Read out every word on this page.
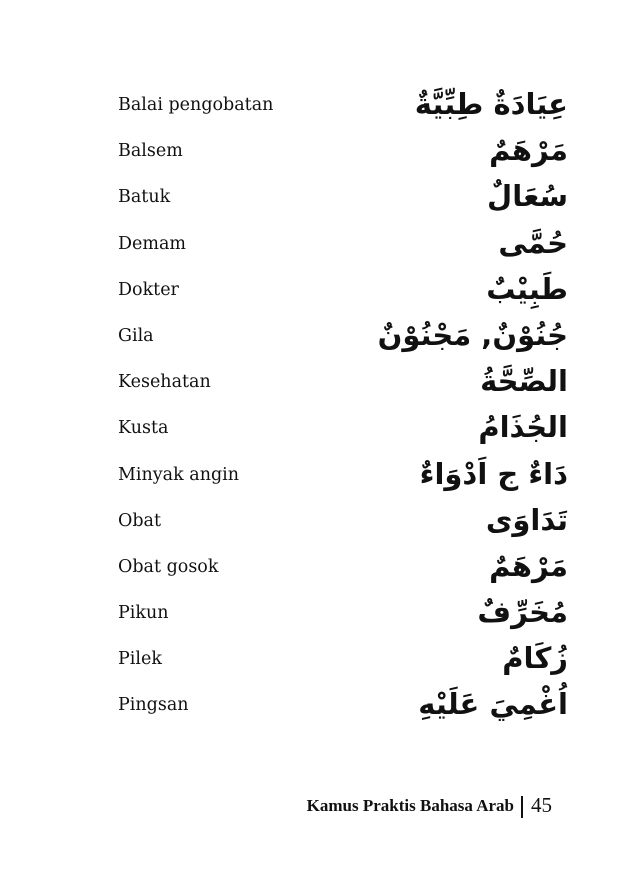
Balai pengobatan	عِيَادَةٌ طِبِّيَّةٌ
Balsem	مَرْهَمٌ
Batuk	سُعَالٌ
Demam	حُمَّى
Dokter	طَبِيْبٌ
Gila	جُنُوْنٌ, مَجْنُوْنٌ
Kesehatan	الصِّحَّةُ
Kusta	الجُذَامُ
Minyak angin	دَاءٌ ج اَدْوَاءٌ
Obat	تَدَاوَى
Obat gosok	مَرْهَمٌ
Pikun	مُخَرِّفٌ
Pilek	زُكَامٌ
Pingsan	اُغْمِيَ عَلَيْهِ
Kamus Praktis Bahasa Arab 45
